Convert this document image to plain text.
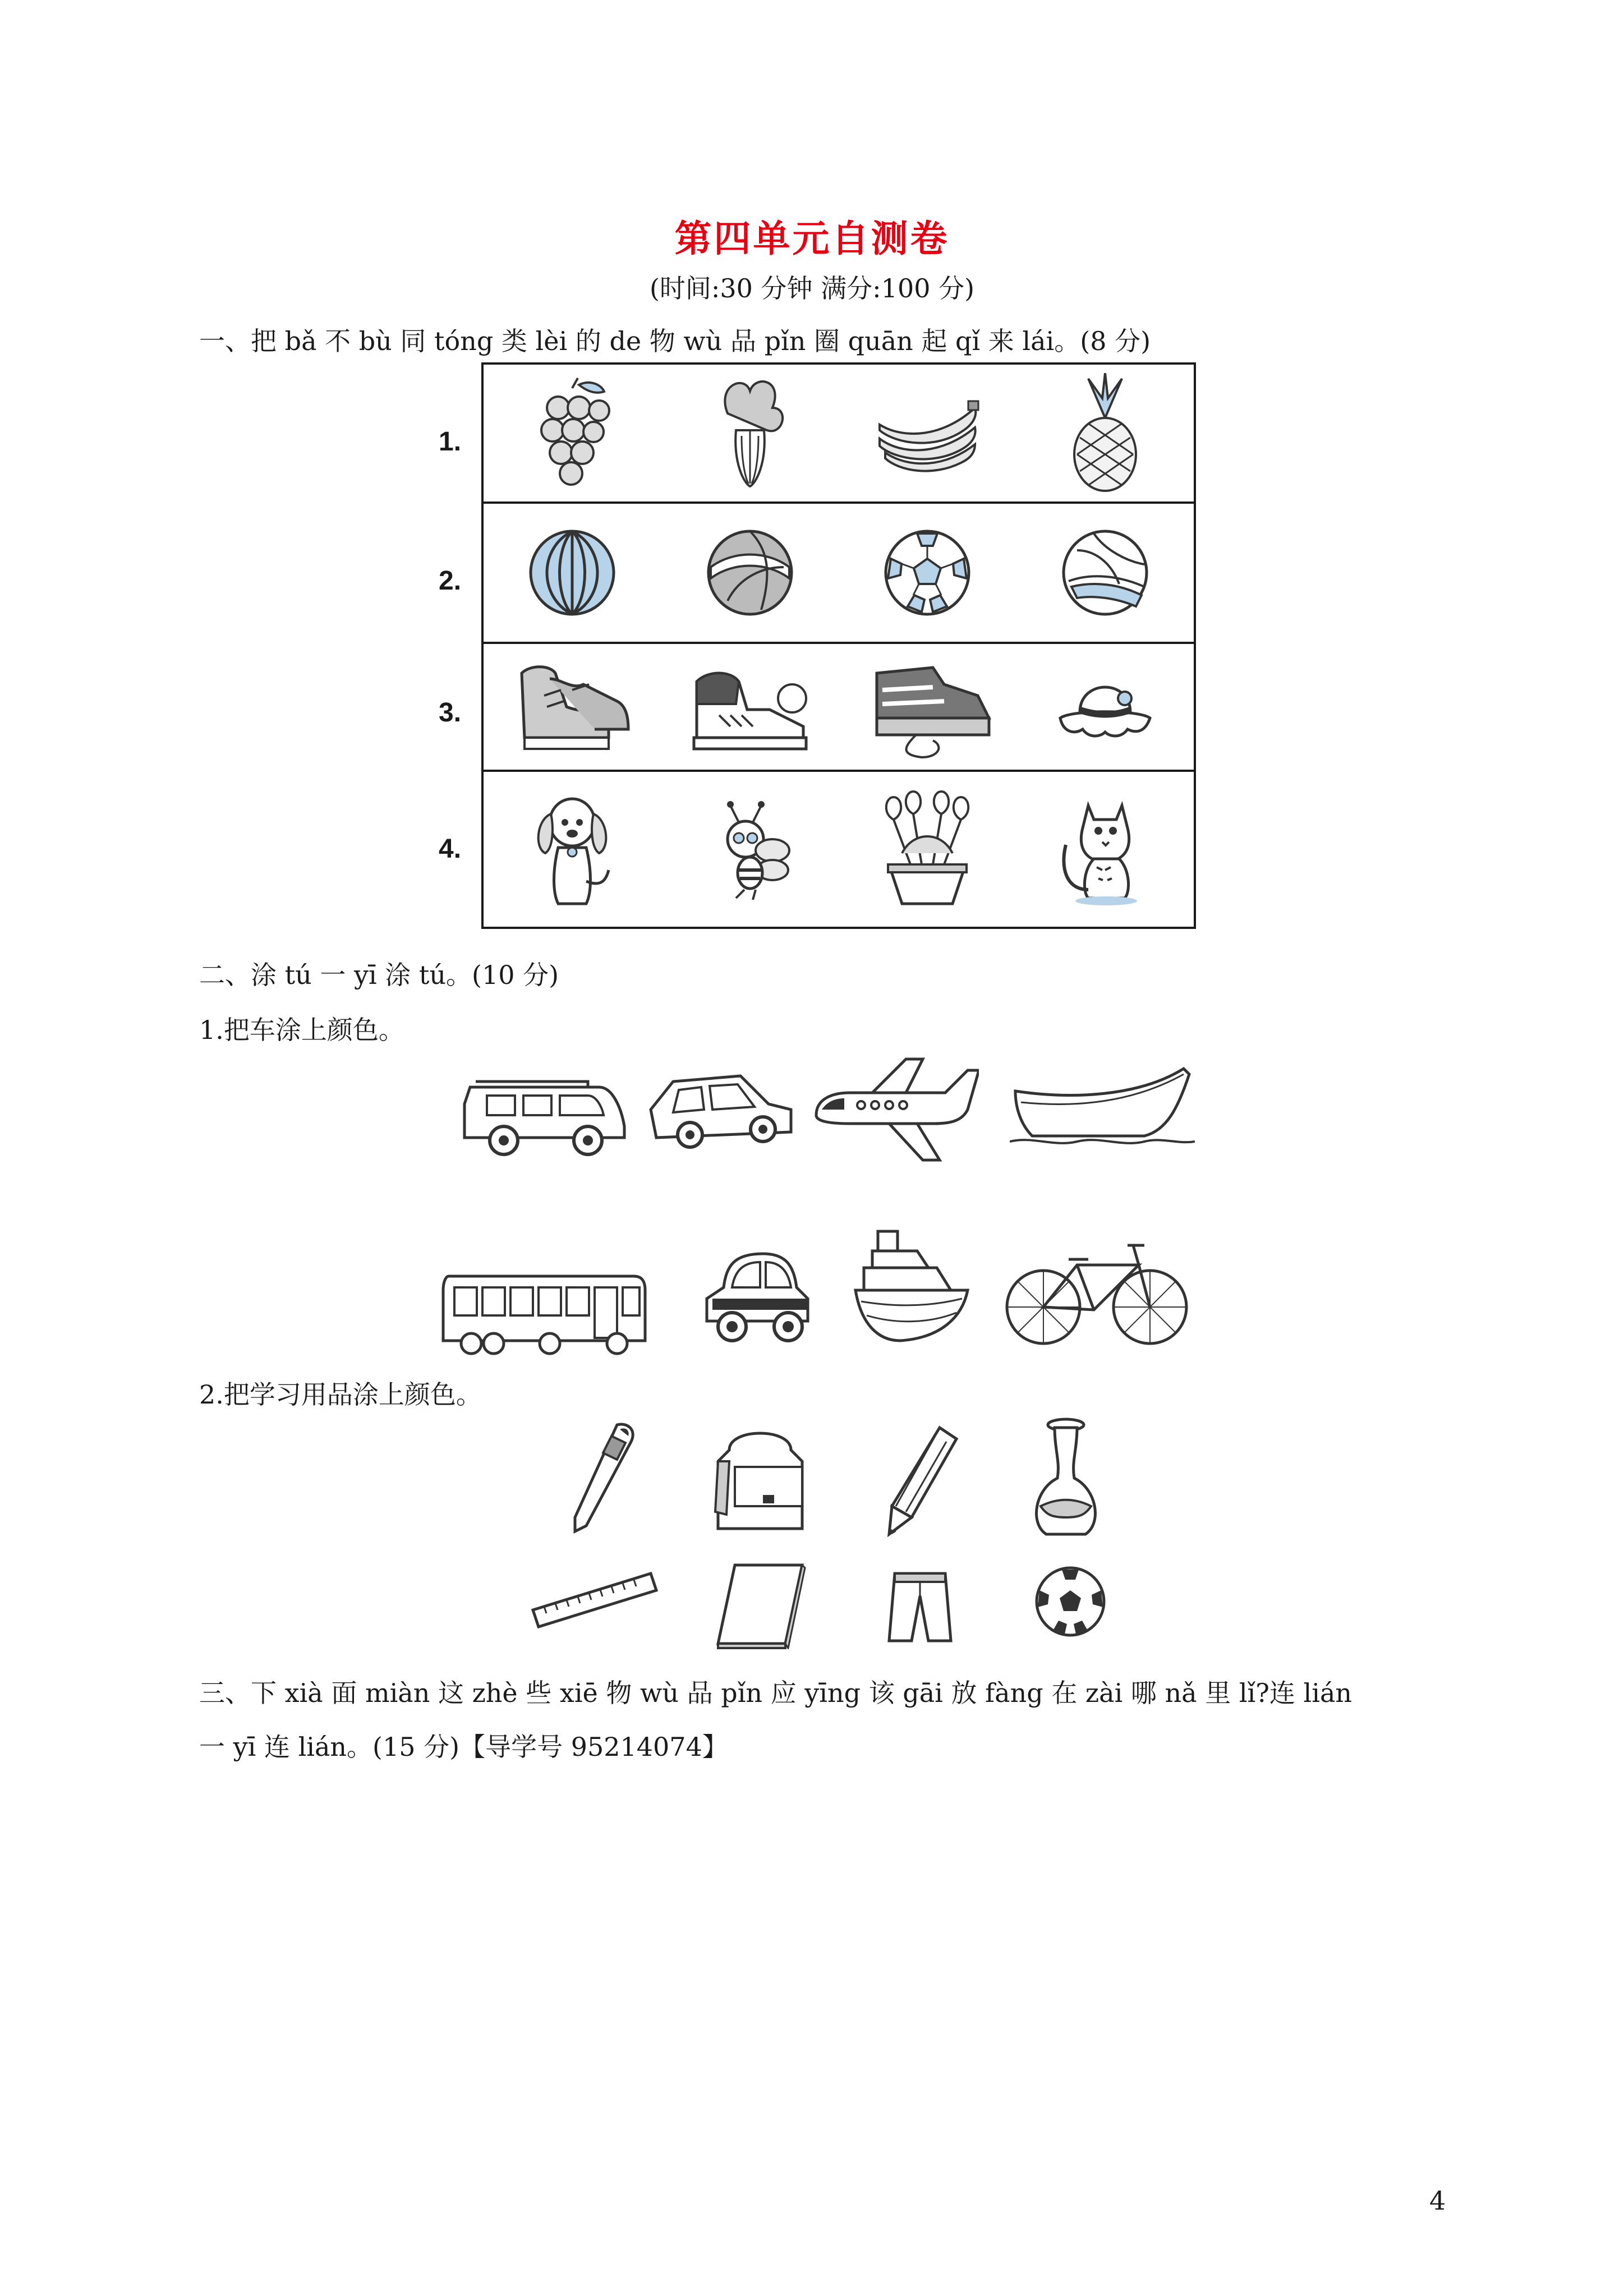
第四单元自测卷
(时间:30 分钟 满分:100 分)
一、把 bǎ 不 bù 同 tóng 类 lèi 的 de 物 wù 品 pǐn 圈 quān 起 qǐ 来 lái。(8 分)
1.
2.
3.
4.
二、涂 tú 一 yī 涂 tú。(10 分)
1.把车涂上颜色。
2.把学习用品涂上颜色。
三、下 xià 面 miàn 这 zhè 些 xiē 物 wù 品 pǐn 应 yīng 该 gāi 放 fàng 在 zài 哪 nǎ 里 lǐ?连 lián
一 yī 连 lián。(15 分)【导学号 95214074】
4
